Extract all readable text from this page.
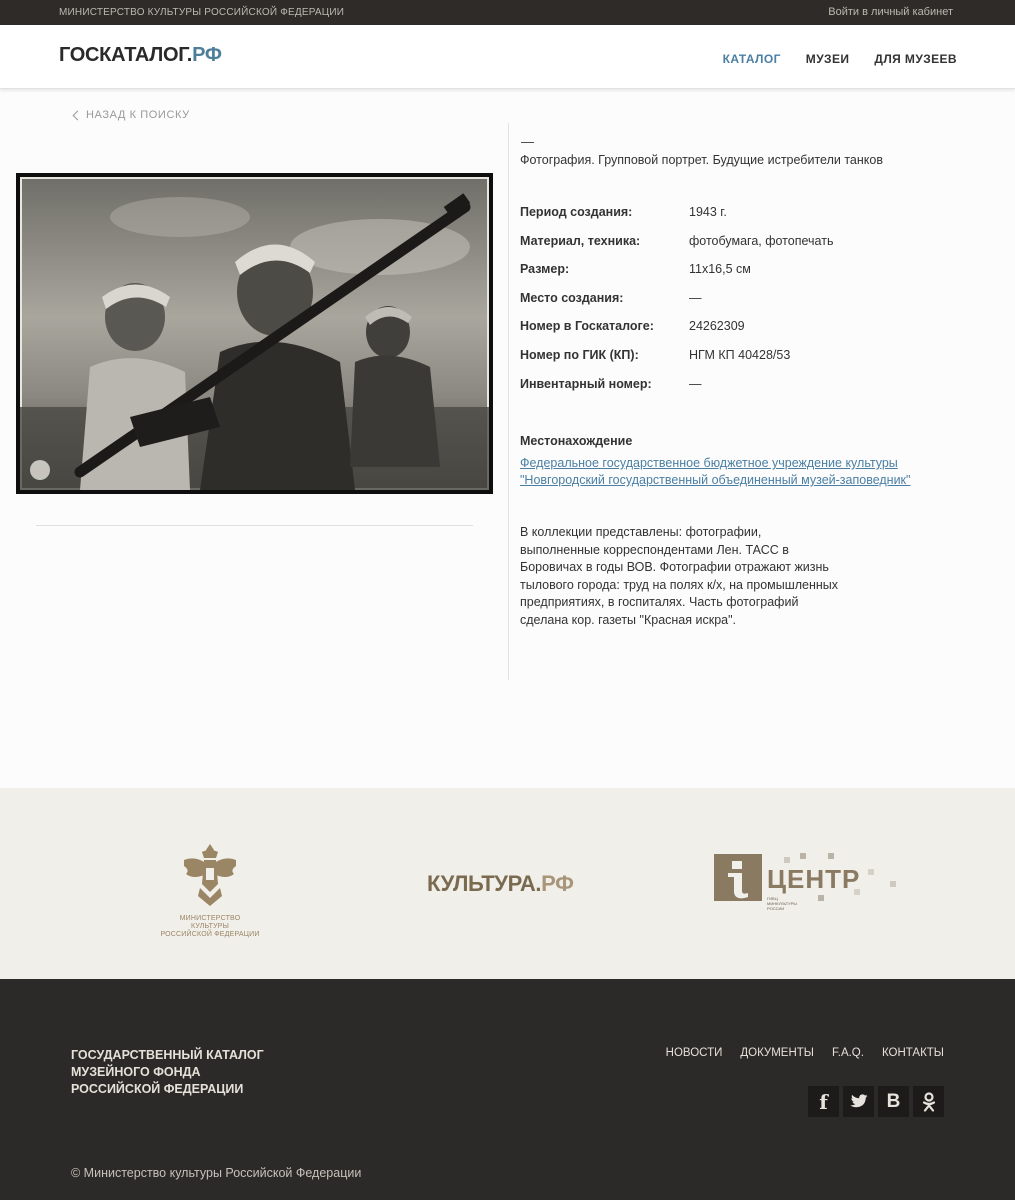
МИНИСТЕРСТВО КУЛЬТУРЫ РОССИЙСКОЙ ФЕДЕРАЦИИ	Войти в личный кабинет
ГОСКАТАЛОГ.РФ	КАТАЛОГ МУЗЕИ ДЛЯ МУЗЕЕВ
НАЗАД К ПОИСКУ
—
Фотография. Групповой портрет. Будущие истребители танков
Период создания:	1943 г.
Материал, техника:	фотобумага, фотопечать
Размер:	11x16,5 см
Место создания:	—
Номер в Госкаталоге:	24262309
Номер по ГИК (КП):	НГМ КП 40428/53
Инвентарный номер:	—
Местонахождение
Федеральное государственное бюджетное учреждение культуры "Новгородский государственный объединенный музей-заповедник"
В коллекции представлены: фотографии, выполненные корреспондентами Лен. ТАСС в Боровичах в годы ВОВ. Фотографии отражают жизнь тылового города: труд на полях к/х, на промышленных предприятиях, в госпиталях. Часть фотографий сделана кор. газеты "Красная искра".
МИНИСТЕРСТВО КУЛЬТУРЫ
РОССИЙСКОЙ ФЕДЕРАЦИИ
КУЛЬТУРА.РФ	ЦЕНТР
ГИВЦ МИНКУЛЬТУРЫ РОССИИ
ГОСУДАРСТВЕННЫЙ КАТАЛОГ
МУЗЕЙНОГО ФОНДА
РОССИЙСКОЙ ФЕДЕРАЦИИ
НОВОСТИ ДОКУМЕНТЫ F.A.Q. КОНТАКТЫ
f	B
© Министерство культуры Российской Федерации
